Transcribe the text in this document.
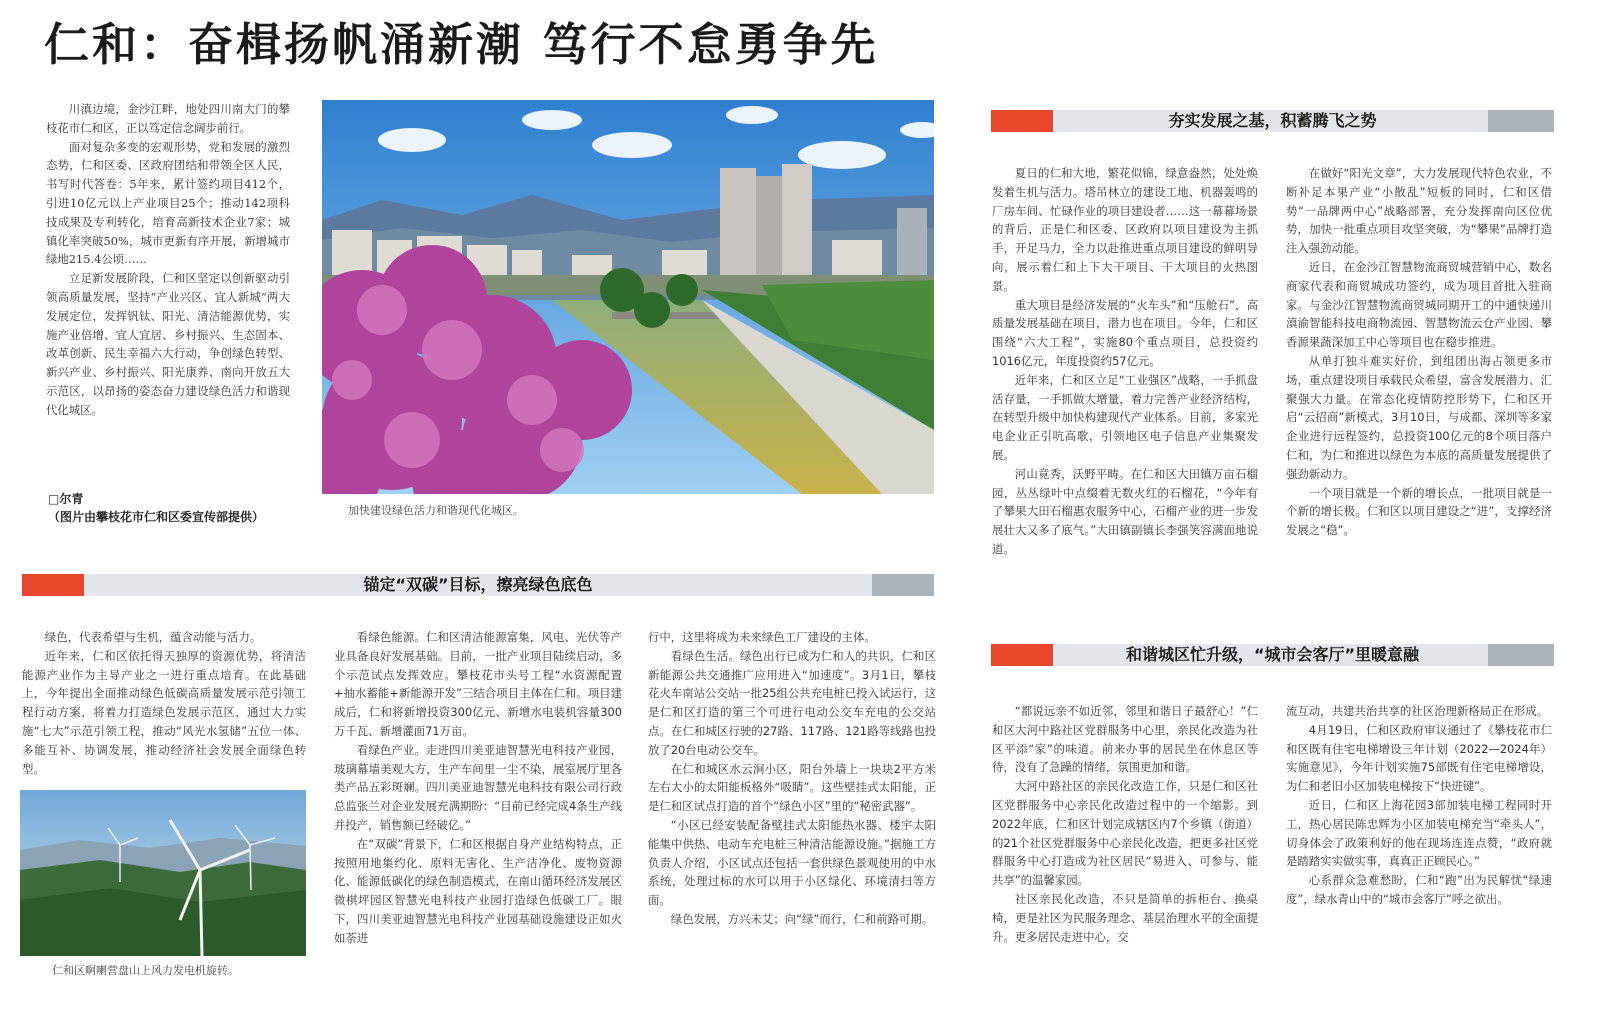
仁和：奋楫扬帆涌新潮 笃行不怠勇争先

川滇边境，金沙江畔，地处四川南大门的攀枝花市仁和区，正以笃定信念阔步前行。

面对复杂多变的宏观形势，党和发展的激烈态势，仁和区委、区政府团结和带领全区人民，书写时代答卷：5年来，累计签约项目412个，引进10亿元以上产业项目25个；推动142项科技成果及专利转化，培育高新技术企业7家；城镇化率突破50%，城市更新有序开展，新增城市绿地215.4公顷……

立足新发展阶段，仁和区坚定以创新驱动引领高质量发展，坚持“产业兴区、宜人新城”两大发展定位，发挥钒钛、阳光、清洁能源优势，实施产业倍增、宜人宜居、乡村振兴、生态固本、改革创新、民生幸福六大行动，争创绿色转型、新兴产业、乡村振兴、阳光康养、南向开放五大示范区，以昂扬的姿态奋力建设绿色活力和谐现代化城区。

□尔青
（图片由攀枝花市仁和区委宣传部提供）	加快建设绿色活力和谐现代化城区。
夯实发展之基，积蓄腾飞之势

夏日的仁和大地，繁花似锦，绿意盎然，处处焕发着生机与活力。塔吊林立的建设工地、机器轰鸣的厂房车间、忙碌作业的项目建设者……这一幕幕场景的背后，正是仁和区委、区政府以项目建设为主抓手，开足马力，全力以赴推进重点项目建设的鲜明导向，展示着仁和上下大干项目、干大项目的火热图景。

重大项目是经济发展的“火车头”和“压舱石”，高质量发展基础在项目，潜力也在项目。今年，仁和区围绕“六大工程”，实施80个重点项目，总投资约1016亿元，年度投资约57亿元。

近年来，仁和区立足“工业强区”战略，一手抓盘活存量，一手抓做大增量，着力完善产业经济结构，在转型升级中加快构建现代产业体系。目前，多家光电企业正引吭高歌，引领地区电子信息产业集聚发展。

河山竟秀，沃野平畴。在仁和区大田镇万亩石榴园，丛丛绿叶中点缀着无数火红的石榴花，“今年有了攀果大田石榴惠农服务中心，石榴产业的进一步发展壮大又多了底气。”大田镇副镇长李强笑容满面地说道。

在做好“阳光文章”，大力发展现代特色农业，不断补足本果产业“小散乱”短板的同时，仁和区借势“一品牌两中心”战略部署，充分发挥南向区位优势，加快一批重点项目攻坚突破，为“攀果”品牌打造注入强劲动能。

近日，在金沙江智慧物流商贸城营销中心，数名商家代表和商贸城成功签约，成为项目首批入驻商家。与金沙江智慧物流商贸城同期开工的中通快递川滇渝智能科技电商物流园、智慧物流云仓产业园、攀香源果蔬深加工中心等项目也在稳步推进。

从单打独斗难实好价，到组团出海占领更多市场，重点建设项目承载民众希望，富含发展潜力、汇聚强大力量。在常态化疫情防控形势下，仁和区开启“云招商”新模式，3月10日，与成都、深圳等多家企业进行远程签约，总投资100亿元的8个项目落户仁和，为仁和推进以绿色为本底的高质量发展提供了强劲新动力。

一个项目就是一个新的增长点，一批项目就是一个新的增长极。仁和区以项目建设之“进”，支撑经济发展之“稳”。

锚定“双碳”目标，擦亮绿色底色

绿色，代表希望与生机，蕴含动能与活力。

近年来，仁和区依托得天独厚的资源优势，将清洁能源产业作为主导产业之一进行重点培育。在此基础上，今年提出全面推动绿色低碳高质量发展示范引领工程行动方案，将着力打造绿色发展示范区，通过大力实施“七大”示范引领工程，推动“风光水氢储”五位一体、多能互补、协调发展，推动经济社会发展全面绿色转型。

仁和区啊喇营盘山上风力发电机旋转。

看绿色能源。仁和区清洁能源富集，风电、光伏等产业具备良好发展基础。目前，一批产业项目陆续启动，多个示范试点发挥效应。攀枝花市头号工程“水资源配置+抽水蓄能+新能源开发”三结合项目主体在仁和。项目建成后，仁和将新增投资300亿元、新增水电装机容量300万千瓦、新增灌面71万亩。

看绿色产业。走进四川美亚迪智慧光电科技产业园，玻璃幕墙美观大方，生产车间里一尘不染，展室展厅里各类产品五彩斑斓。四川美亚迪智慧光电科技有限公司行政总监张兰对企业发展充满期盼：“目前已经完成4条生产线并投产，销售额已经破亿。”

在“双碳”背景下，仁和区根据自身产业结构特点，正按照用地集约化、原料无害化、生产洁净化、废物资源化、能源低碳化的绿色制造模式，在南山循环经济发展区微棋坪园区智慧光电科技产业园打造绿色低碳工厂。眼下，四川美亚迪智慧光电科技产业园基础设施建设正如火如荼进

行中，这里将成为未来绿色工厂建设的主体。

看绿色生活。绿色出行已成为仁和人的共识，仁和区新能源公共交通推广应用进入“加速度”。3月1日，攀枝花火车南站公交站一批25组公共充电桩已投入试运行，这是仁和区打造的第三个可进行电动公交车充电的公交站点。在仁和城区行驶的27路、117路、121路等线路也投放了20台电动公交车。

在仁和城区水云涧小区，阳台外墙上一块块2平方米左右大小的太阳能板格外“吸睛”。这些壁挂式太阳能，正是仁和区试点打造的首个“绿色小区”里的“秘密武器”。

“小区已经安装配备壁挂式太阳能热水器、楼宇太阳能集中供热、电动车充电桩三种清洁能源设施。”据施工方负责人介绍，小区试点还包括一套供绿色景观使用的中水系统，处理过标的水可以用于小区绿化、环境清扫等方面。

绿色发展，方兴未艾；向“绿”而行，仁和前路可期。

和谐城区忙升级，“城市会客厅”里暖意融

“都说远亲不如近邻，邻里和谐日子最舒心！”仁和区大河中路社区党群服务中心里，亲民化改造为社区平添“家”的味道。前来办事的居民坐在休息区等待，没有了急躁的情绪，氛围更加和谐。

大河中路社区的亲民化改造工作，只是仁和区社区党群服务中心亲民化改造过程中的一个缩影。到2022年底，仁和区计划完成辖区内7个乡镇（街道）的21个社区党群服务中心亲民化改造，把更多社区党群服务中心打造成为社区居民“易进入、可参与、能共享”的温馨家园。

社区亲民化改造，不只是简单的拆柜台、换桌椅，更是社区为民服务理念、基层治理水平的全面提升。更多居民走进中心，交

流互动，共建共治共享的社区治理新格局正在形成。

4月19日，仁和区政府审议通过了《攀枝花市仁和区既有住宅电梯增设三年计划（2022—2024年）实施意见》，今年计划实施75部既有住宅电梯增设，为仁和老旧小区加装电梯按下“快进键”。

近日，仁和区上海花园3部加装电梯工程同时开工，热心居民陈忠辉为小区加装电梯充当“牵头人”，切身体会了政策利好的他在现场连连点赞，“政府就是踏踏实实做实事，真真正正顾民心。”

心系群众急难愁盼，仁和“跑”出为民解忧“绿速度”，绿水青山中的“城市会客厅”呼之欲出。
